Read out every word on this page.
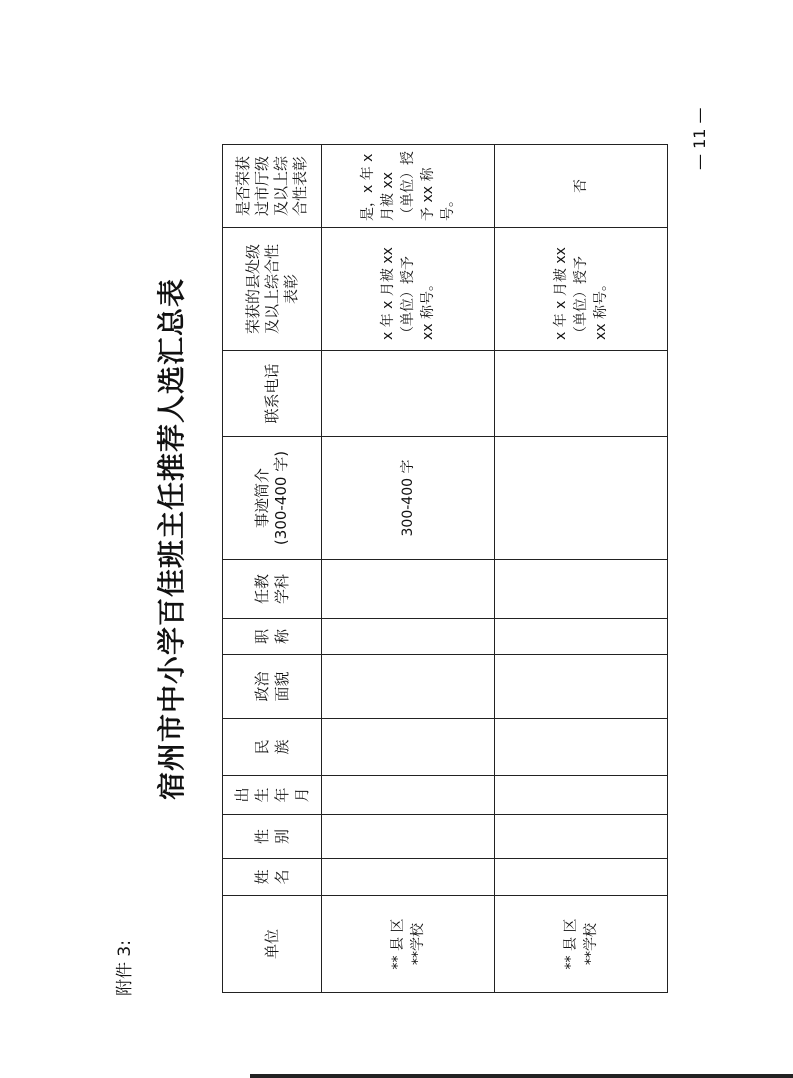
附件 3:
宿州市中小学百佳班主任推荐人选汇总表
单位	姓名	性别	出生年月	民族	政治面貌	职称	任教学科	事迹简介(300-400 字)	联系电话	荣获的县处级及以上综合性表彰	是否荣获过市厅级及以上综合性表彰

** 县 区 **学校								300-400 字		x 年 x 月被 xx （单位）授予 xx 称号。	是，x 年 x 月被 xx（单位）授予 xx 称号。

** 县 区 **学校										x 年 x 月被 xx （单位）授予 xx 称号。	否
— 11 —
